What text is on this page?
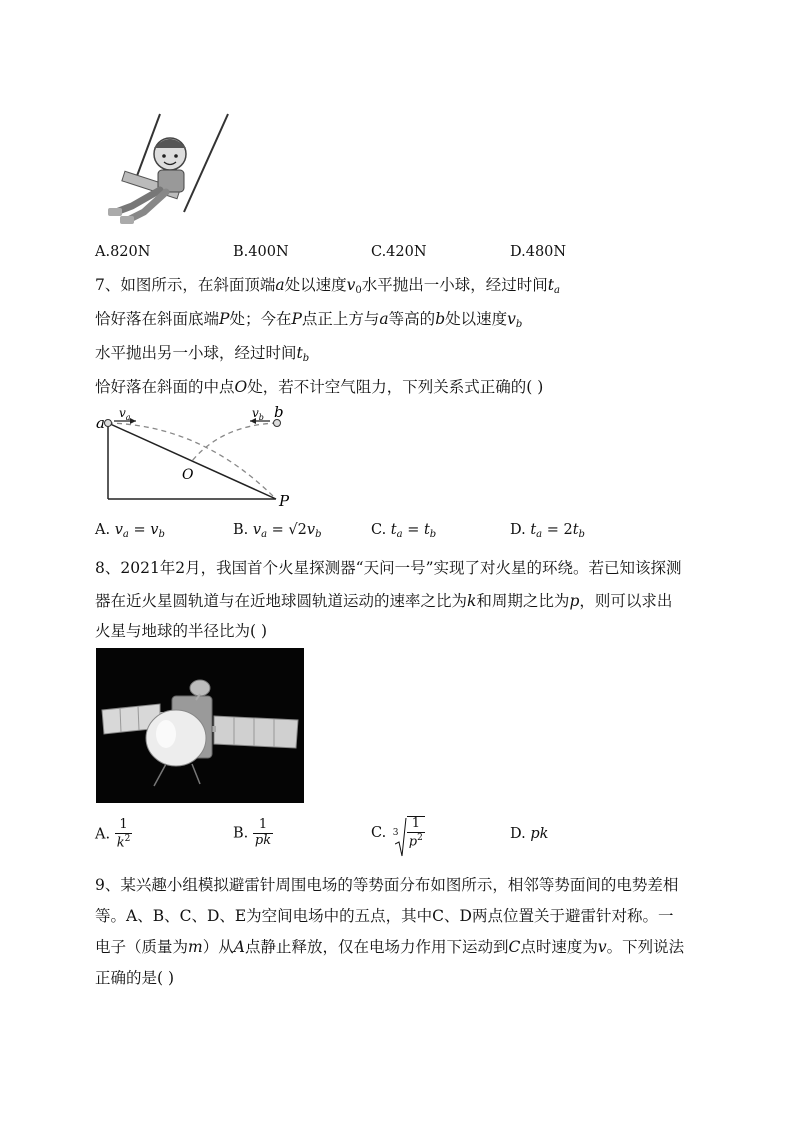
A.820N	B.400N	C.420N	D.480N
7、如图所示，在斜面顶端a处以速度$v_0$水平抛出一小球，经过时间$t_a$
恰好落在斜面底端P处；今在P点正上方与a等高的b处以速度$v_b$
水平抛出另一小球，经过时间$t_b$
恰好落在斜面的中点O处，若不计空气阻力，下列关系式正确的( )
a
b
$v_a$	$v_b$
O
P
A. $v_a = v_b$	B. $v_a = √2v_b$	C. $t_a = t_b$	D. $t_a = 2t_b$
8、2021年2月，我国首个火星探测器“天问一号”实现了对火星的环绕。若已知该探测
器在近火星圆轨道与在近地球圆轨道运动的速率之比为k和周期之比为p，则可以求出
火星与地球的半径比为( )
A. $\frac{1}{k^2}$	B. $\frac{1}{pk}$	C. $3 \frac{1}{p^2}$	D. pk
9、某兴趣小组模拟避雷针周围电场的等势面分布如图所示，相邻等势面间的电势差相
等。A、B、C、D、E为空间电场中的五点，其中C、D两点位置关于避雷针对称。一
电子（质量为m）从A点静止释放，仅在电场力作用下运动到C点时速度为v。下列说法
正确的是( )
